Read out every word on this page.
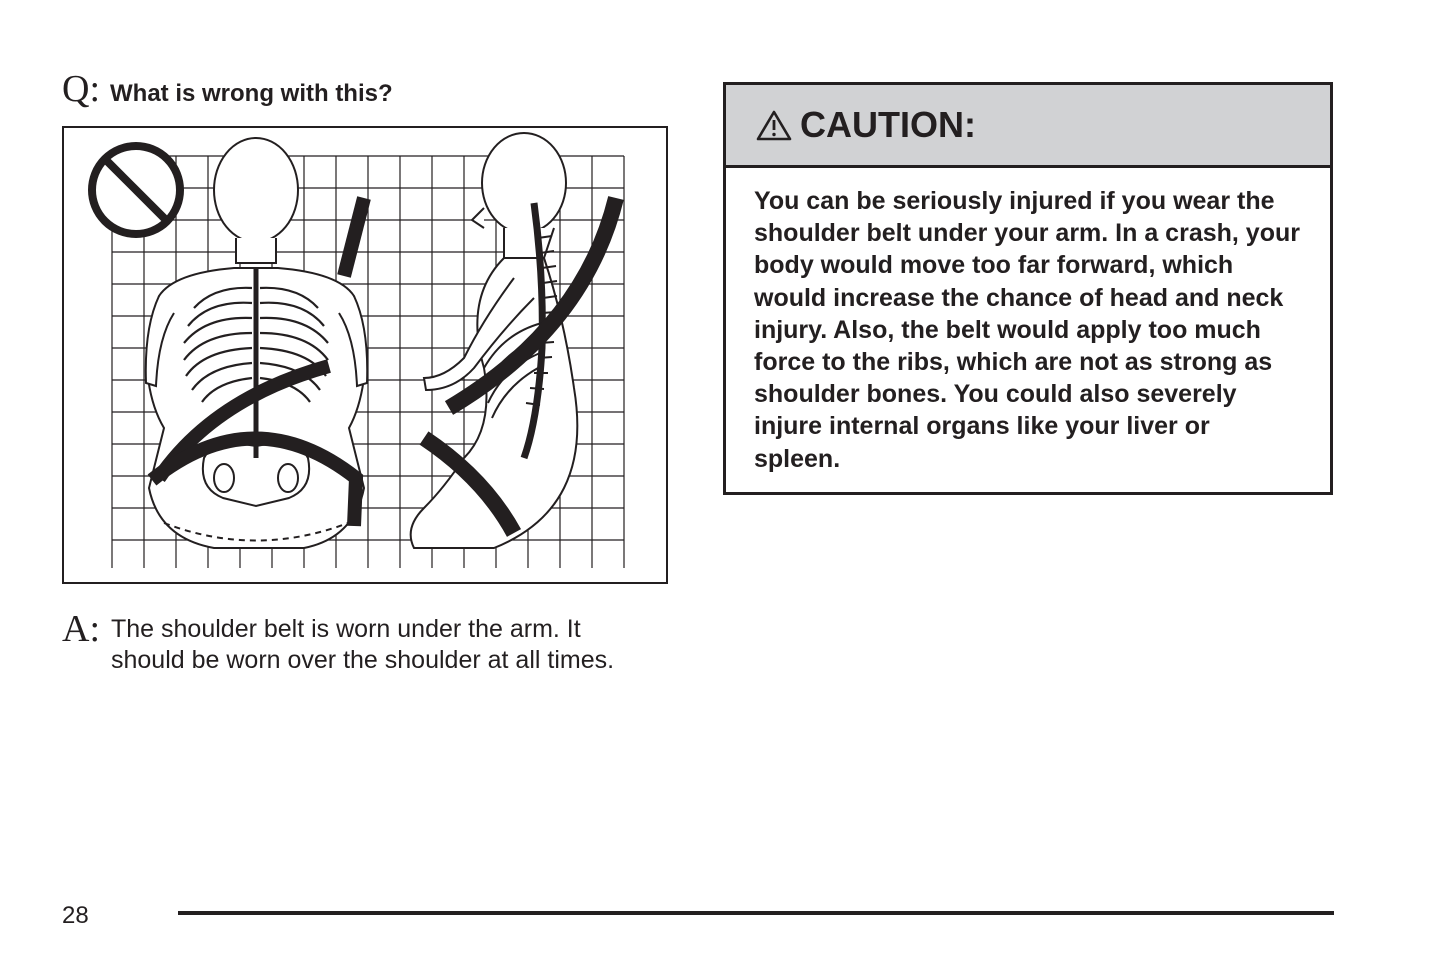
Q: What is wrong with this?
A: The shoulder belt is worn under the arm. It should be worn over the shoulder at all times.
CAUTION:
You can be seriously injured if you wear the shoulder belt under your arm. In a crash, your body would move too far forward, which would increase the chance of head and neck injury. Also, the belt would apply too much force to the ribs, which are not as strong as shoulder bones. You could also severely injure internal organs like your liver or spleen.
28
